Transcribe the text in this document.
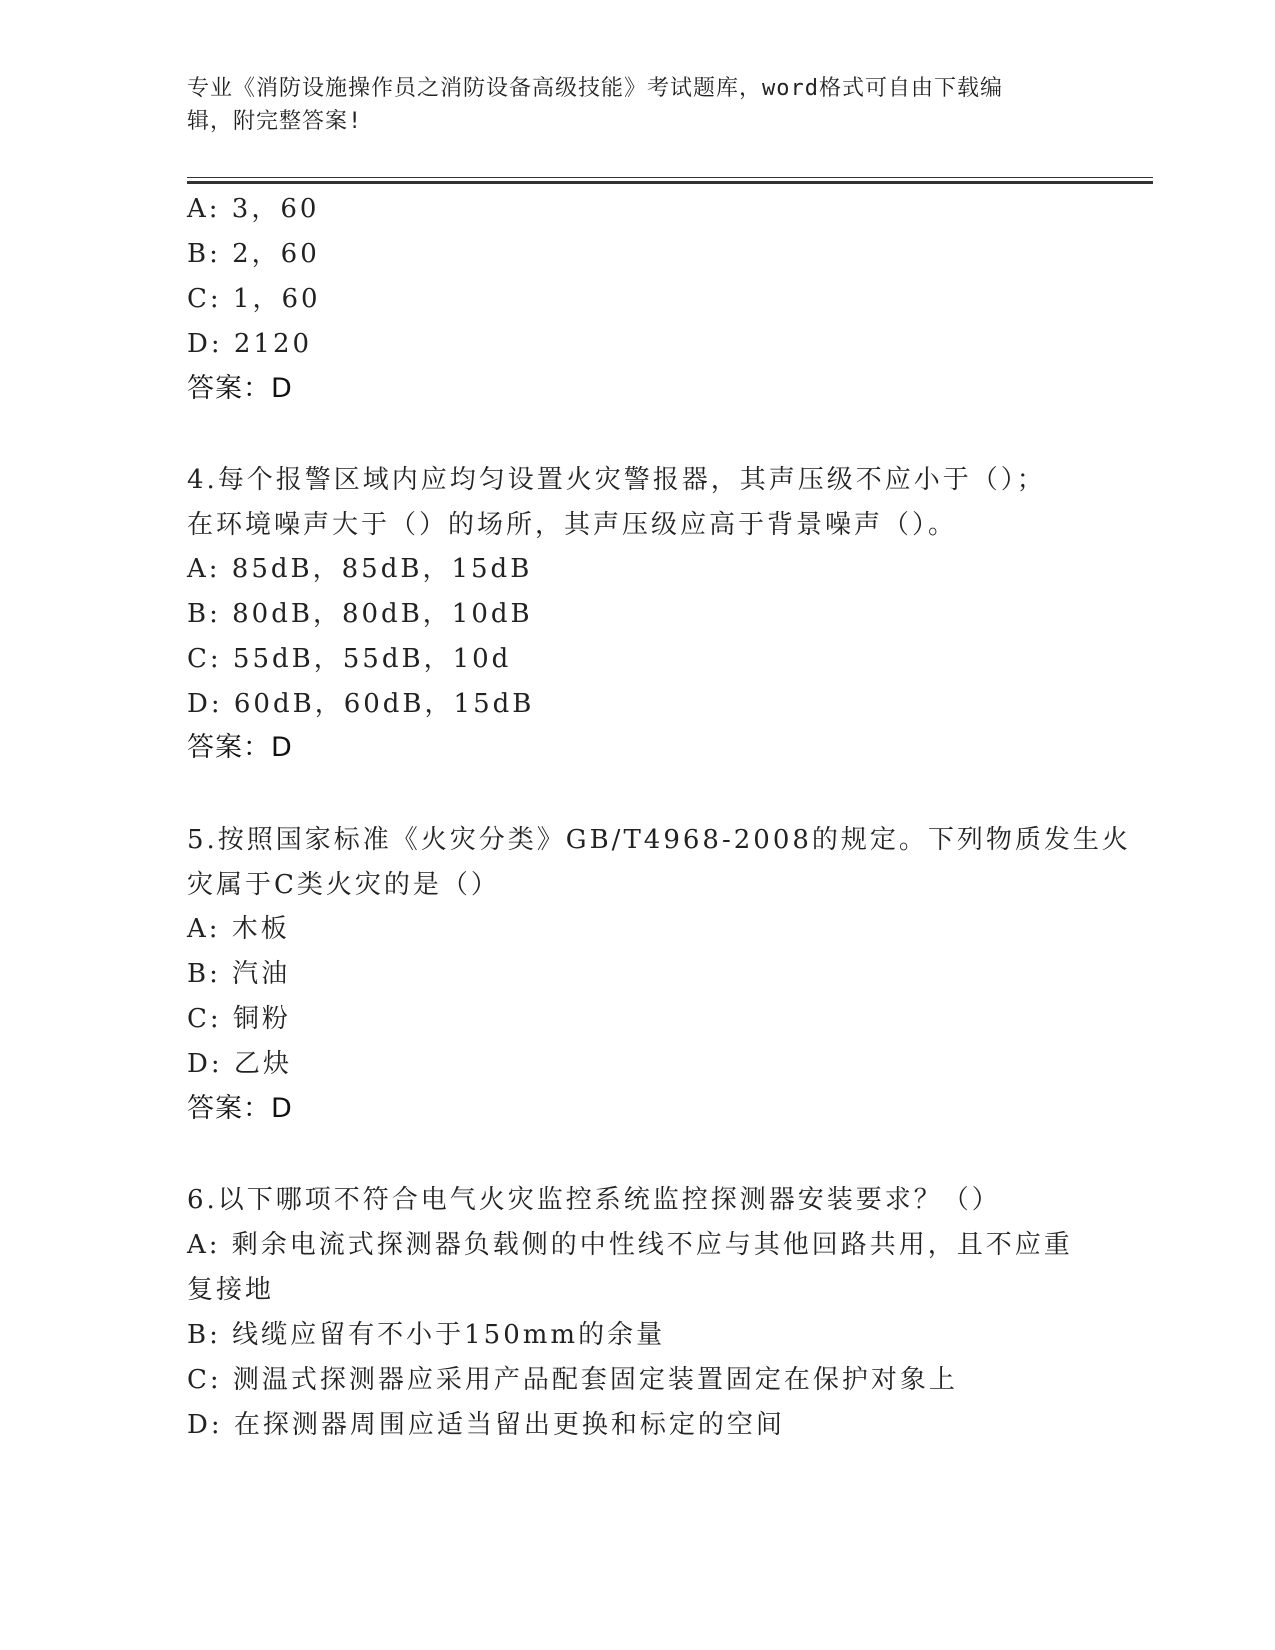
专业《消防设施操作员之消防设备高级技能》考试题库，word格式可自由下载编
辑，附完整答案!
A: 3，60
B: 2，60
C: 1，60
D: 2120
答案：D
4.每个报警区域内应均匀设置火灾警报器，其声压级不应小于（）；
在环境噪声大于（）的场所，其声压级应高于背景噪声（）。
A: 85dB，85dB，15dB
B: 80dB，80dB，10dB
C: 55dB，55dB，10d
D: 60dB，60dB，15dB
答案：D
5.按照国家标准《火灾分类》GB/T4968-2008的规定。下列物质发生火
灾属于C类火灾的是（）
A: 木板
B: 汽油
C: 铜粉
D: 乙炔
答案：D
6.以下哪项不符合电气火灾监控系统监控探测器安装要求？（）
A: 剩余电流式探测器负载侧的中性线不应与其他回路共用，且不应重
复接地
B: 线缆应留有不小于150mm的余量
C: 测温式探测器应采用产品配套固定装置固定在保护对象上
D: 在探测器周围应适当留出更换和标定的空间
